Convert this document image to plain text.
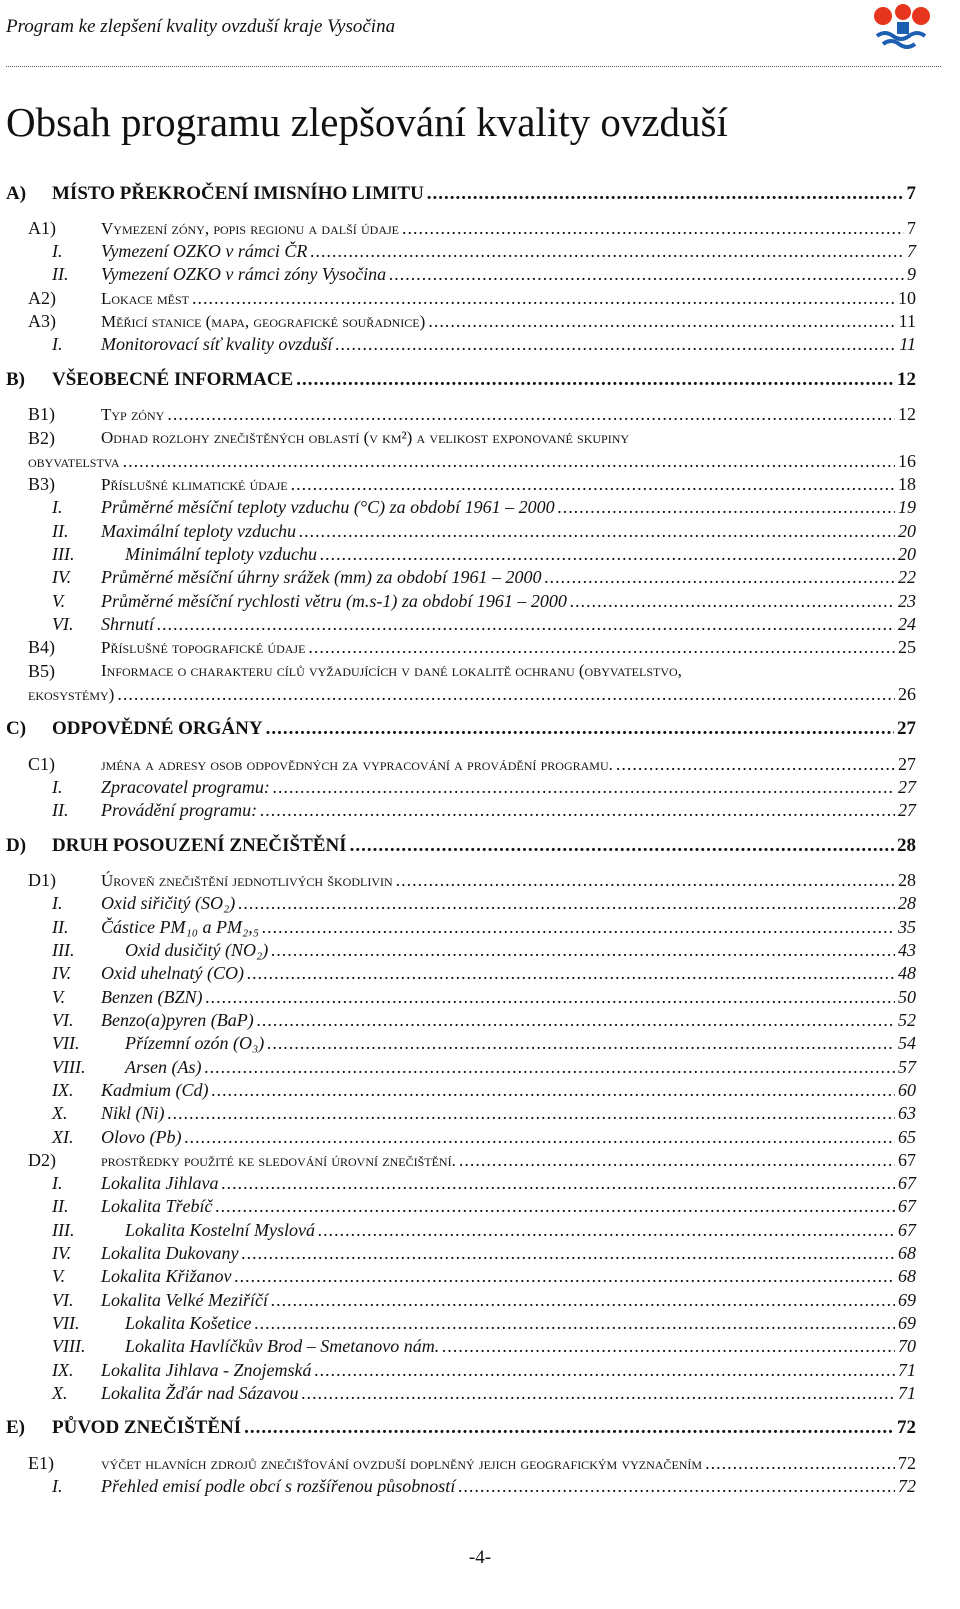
Program ke zlepšení kvality ovzduší kraje Vysočina
Obsah programu zlepšování kvality ovzduší
A) MÍSTO PŘEKROČENÍ IMISNÍHO LIMITU .....	7
A1)	Vymezení zóny, popis regionu a další údaje .....	7
I. Vymezení OZKO v rámci ČR .....	7
II. Vymezení OZKO v rámci zóny Vysočina .....	9
A2)	Lokace měst .....	10
A3)	Měřicí stanice (mapa, geografické souřadnice) .....	11
I. Monitorovací síť kvality ovzduší .....	11
B) VŠEOBECNÉ INFORMACE .....	12
B1)	Typ zóny .....	12
B2)	Odhad rozlohy znečištěných oblastí (v km²) a velikost exponované skupiny
obyvatelstva .....	16
B3)	Příslušné klimatické údaje .....	18
I. Průměrné měsíční teploty vzduchu (°C) za období 1961 – 2000 .....	19
II. Maximální teploty vzduchu .....	20
III.	Minimální teploty vzduchu .....	20
IV. Průměrné měsíční úhrny srážek (mm) za období 1961 – 2000 .....	22
V. Průměrné měsíční rychlosti větru (m.s-1) za období 1961 – 2000 .....	23
VI. Shrnutí .....	24
B4)	Příslušné topografické údaje .....	25
B5)	Informace o charakteru cílů vyžadujících v dané lokalitě ochranu (obyvatelstvo,
ekosystémy) .....	26
C) ODPOVĚDNÉ ORGÁNY .....	27
C1)	jména a adresy osob odpovědných za vypracování a provádění programu. .....	27
I. Zpracovatel programu: .....	27
II. Provádění programu: .....	27
D) DRUH POSOUZENÍ ZNEČIŠTĚNÍ .....	28
D1)	Úroveň znečištění jednotlivých škodlivin .....	28
I. Oxid siřičitý (SO₂) .....	28
II. Částice PM₁₀ a PM₂,₅ .....	35
III.	Oxid dusičitý (NO₂) .....	43
IV. Oxid uhelnatý (CO) .....	48
V. Benzen (BZN) .....	50
VI. Benzo(a)pyren (BaP) .....	52
VII.	Přízemní ozón (O₃) .....	54
VIII. Arsen (As) .....	57
IX. Kadmium (Cd) .....	60
X. Nikl (Ni) .....	63
XI. Olovo (Pb) .....	65
D2)	prostředky použité ke sledování úrovní znečištění. .....	67
I. Lokalita Jihlava .....	67
II. Lokalita Třebíč .....	67
III.	Lokalita Kostelní Myslová .....	67
IV. Lokalita Dukovany .....	68
V. Lokalita Křižanov .....	68
VI. Lokalita Velké Meziříčí .....	69
VII.	Lokalita Košetice .....	69
VIII. Lokalita Havlíčkův Brod – Smetanovo nám. .....	70
IX. Lokalita Jihlava - Znojemská .....	71
X. Lokalita Žďár nad Sázavou .....	71
E) PŮVOD ZNEČIŠTĚNÍ .....	72
E1)	výčet hlavních zdrojů znečišťování ovzduší doplněný jejich geografickým vyznačením .....	72
I. Přehled emisí podle obcí s rozšířenou působností .....	72
-4-
